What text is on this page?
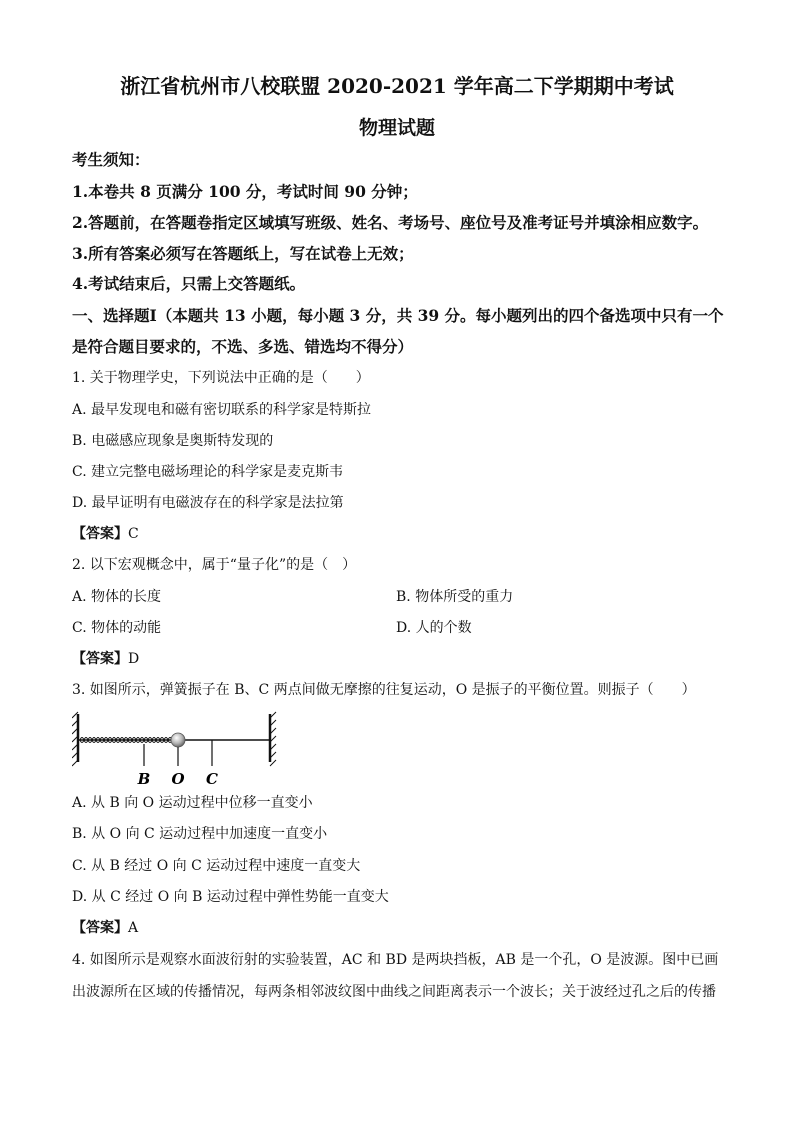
浙江省杭州市八校联盟 2020-2021 学年高二下学期期中考试
物理试题
考生须知：
1.本卷共 8 页满分 100 分，考试时间 90 分钟；
2.答题前，在答题卷指定区域填写班级、姓名、考场号、座位号及准考证号并填涂相应数字。
3.所有答案必须写在答题纸上，写在试卷上无效；
4.考试结束后，只需上交答题纸。
一、选择题Ⅰ（本题共 13 小题，每小题 3 分，共 39 分。每小题列出的四个备选项中只有一个
是符合题目要求的，不选、多选、错选均不得分）
1. 关于物理学史，下列说法中正确的是（　　）
A. 最早发现电和磁有密切联系的科学家是特斯拉
B. 电磁感应现象是奥斯特发现的
C. 建立完整电磁场理论的科学家是麦克斯韦
D. 最早证明有电磁波存在的科学家是法拉第
【答案】C
2. 以下宏观概念中，属于“量子化”的是（　）
A. 物体的长度	B. 物体所受的重力
C. 物体的动能	D. 人的个数
【答案】D
3. 如图所示，弹簧振子在 B、C 两点间做无摩擦的往复运动，O 是振子的平衡位置。则振子（　　）
B O C
A. 从 B 向 O 运动过程中位移一直变小
B. 从 O 向 C 运动过程中加速度一直变小
C. 从 B 经过 O 向 C 运动过程中速度一直变大
D. 从 C 经过 O 向 B 运动过程中弹性势能一直变大
【答案】A
4. 如图所示是观察水面波衍射的实验装置，AC 和 BD 是两块挡板，AB 是一个孔，O 是波源。图中已画
出波源所在区域的传播情况，每两条相邻波纹图中曲线之间距离表示一个波长；关于波经过孔之后的传播
